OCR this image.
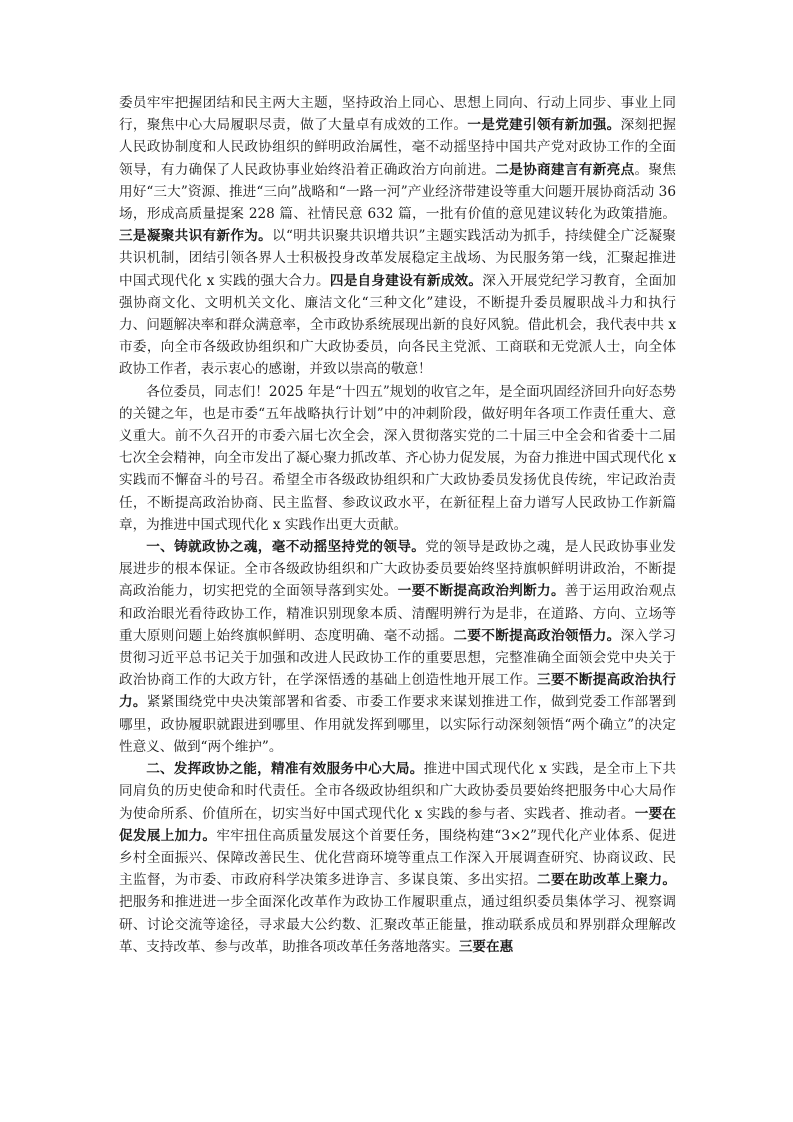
委员牢牢把握团结和民主两大主题，坚持政治上同心、思想上同向、行动上同步、事业上同行，聚焦中心大局履职尽责，做了大量卓有成效的工作。一是党建引领有新加强。深刻把握人民政协制度和人民政协组织的鲜明政治属性，毫不动摇坚持中国共产党对政协工作的全面领导，有力确保了人民政协事业始终沿着正确政治方向前进。二是协商建言有新亮点。聚焦用好“三大”资源、推进“三向”战略和“一路一河”产业经济带建设等重大问题开展协商活动 36 场，形成高质量提案 228 篇、社情民意 632 篇，一批有价值的意见建议转化为政策措施。三是凝聚共识有新作为。以“明共识聚共识增共识”主题实践活动为抓手，持续健全广泛凝聚共识机制，团结引领各界人士积极投身改革发展稳定主战场、为民服务第一线，汇聚起推进中国式现代化 x 实践的强大合力。四是自身建设有新成效。深入开展党纪学习教育，全面加强协商文化、文明机关文化、廉洁文化“三种文化”建设，不断提升委员履职战斗力和执行力、问题解决率和群众满意率，全市政协系统展现出新的良好风貌。借此机会，我代表中共 x 市委，向全市各级政协组织和广大政协委员，向各民主党派、工商联和无党派人士，向全体政协工作者，表示衷心的感谢，并致以崇高的敬意！

各位委员，同志们！2025 年是“十四五”规划的收官之年，是全面巩固经济回升向好态势的关键之年，也是市委“五年战略执行计划”中的冲刺阶段，做好明年各项工作责任重大、意义重大。前不久召开的市委六届七次全会，深入贯彻落实党的二十届三中全会和省委十二届七次全会精神，向全市发出了凝心聚力抓改革、齐心协力促发展，为奋力推进中国式现代化 x 实践而不懈奋斗的号召。希望全市各级政协组织和广大政协委员发扬优良传统，牢记政治责任，不断提高政治协商、民主监督、参政议政水平，在新征程上奋力谱写人民政协工作新篇章，为推进中国式现代化 x 实践作出更大贡献。

一、铸就政协之魂，毫不动摇坚持党的领导。党的领导是政协之魂，是人民政协事业发展进步的根本保证。全市各级政协组织和广大政协委员要始终坚持旗帜鲜明讲政治，不断提高政治能力，切实把党的全面领导落到实处。一要不断提高政治判断力。善于运用政治观点和政治眼光看待政协工作，精准识别现象本质、清醒明辨行为是非，在道路、方向、立场等重大原则问题上始终旗帜鲜明、态度明确、毫不动摇。二要不断提高政治领悟力。深入学习贯彻习近平总书记关于加强和改进人民政协工作的重要思想，完整准确全面领会党中央关于政治协商工作的大政方针，在学深悟透的基础上创造性地开展工作。三要不断提高政治执行力。紧紧围绕党中央决策部署和省委、市委工作要求来谋划推进工作，做到党委工作部署到哪里，政协履职就跟进到哪里、作用就发挥到哪里，以实际行动深刻领悟“两个确立”的决定性意义、做到“两个维护”。

二、发挥政协之能，精准有效服务中心大局。推进中国式现代化 x 实践，是全市上下共同肩负的历史使命和时代责任。全市各级政协组织和广大政协委员要始终把服务中心大局作为使命所系、价值所在，切实当好中国式现代化 x 实践的参与者、实践者、推动者。一要在促发展上加力。牢牢扭住高质量发展这个首要任务，围绕构建“3×2”现代化产业体系、促进乡村全面振兴、保障改善民生、优化营商环境等重点工作深入开展调查研究、协商议政、民主监督，为市委、市政府科学决策多进诤言、多谋良策、多出实招。二要在助改革上聚力。把服务和推进进一步全面深化改革作为政协工作履职重点，通过组织委员集体学习、视察调研、讨论交流等途径，寻求最大公约数、汇聚改革正能量，推动联系成员和界别群众理解改革、支持改革、参与改革，助推各项改革任务落地落实。三要在惠
